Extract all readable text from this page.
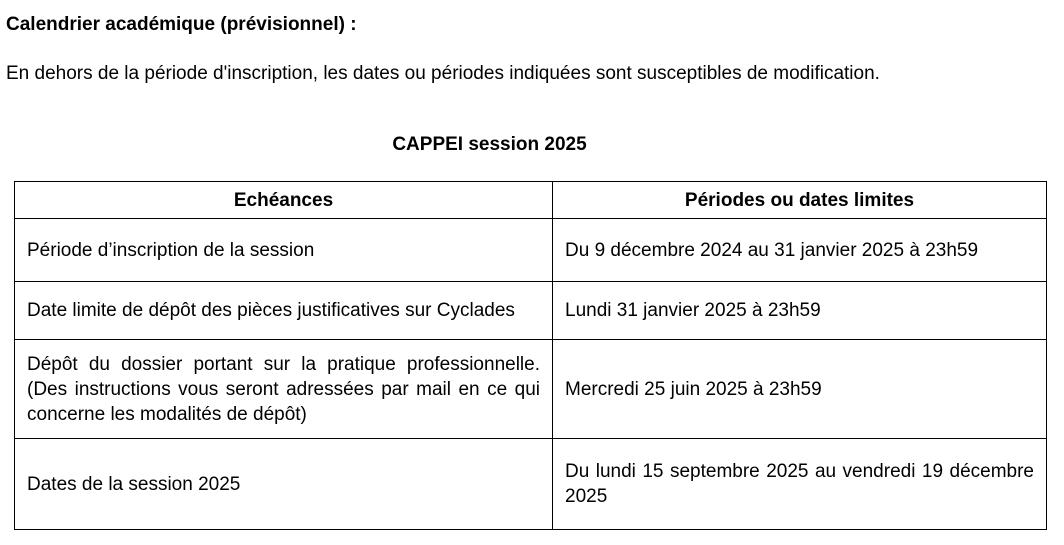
Calendrier académique (prévisionnel) :
En dehors de la période d'inscription, les dates ou périodes indiquées sont susceptibles de modification.
CAPPEI session 2025
Echéances	Périodes ou dates limites
Période d’inscription de la session	Du 9 décembre 2024 au 31 janvier 2025 à 23h59
Date limite de dépôt des pièces justificatives sur Cyclades	Lundi 31 janvier 2025 à 23h59
Dépôt du dossier portant sur la pratique professionnelle. (Des instructions vous seront adressées par mail en ce qui concerne les modalités de dépôt)	Mercredi 25 juin 2025 à 23h59
Dates de la session 2025	Du lundi 15 septembre 2025 au vendredi 19 décembre 2025
